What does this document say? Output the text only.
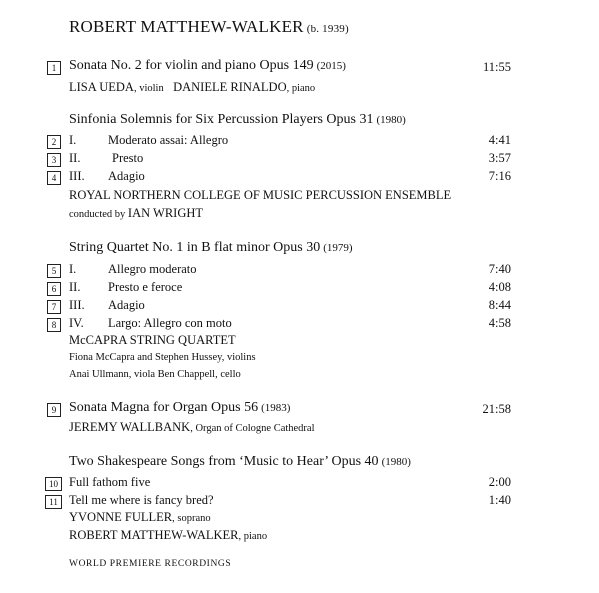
ROBERT MATTHEW-WALKER (b. 1939)
1 Sonata No. 2 for violin and piano Opus 149 (2015)	11:55
LISA UEDA, violin DANIELE RINALDO, piano
Sinfonia Solemnis for Six Percussion Players Opus 31 (1980)
2	I.	Moderato assai: Allegro	4:41
3	II.	Presto	3:57
4	III. Adagio	7:16
ROYAL NORTHERN COLLEGE OF MUSIC PERCUSSION ENSEMBLE
conducted by IAN WRIGHT
String Quartet No. 1 in B flat minor Opus 30 (1979)
5	I.	Allegro moderato	7:40
6	II. Presto e feroce	4:08
7	III. Adagio	8:44
8	IV. Largo: Allegro con moto	4:58
McCAPRA STRING QUARTET
Fiona McCapra and Stephen Hussey, violins
Anai Ullmann, viola Ben Chappell, cello
9 Sonata Magna for Organ Opus 56 (1983)	21:58
JEREMY WALLBANK, Organ of Cologne Cathedral
Two Shakespeare Songs from ‘Music to Hear’ Opus 40 (1980)
10 Full fathom five	2:00
11 Tell me where is fancy bred?	1:40
YVONNE FULLER, soprano
ROBERT MATTHEW-WALKER, piano
WORLD PREMIERE RECORDINGS
